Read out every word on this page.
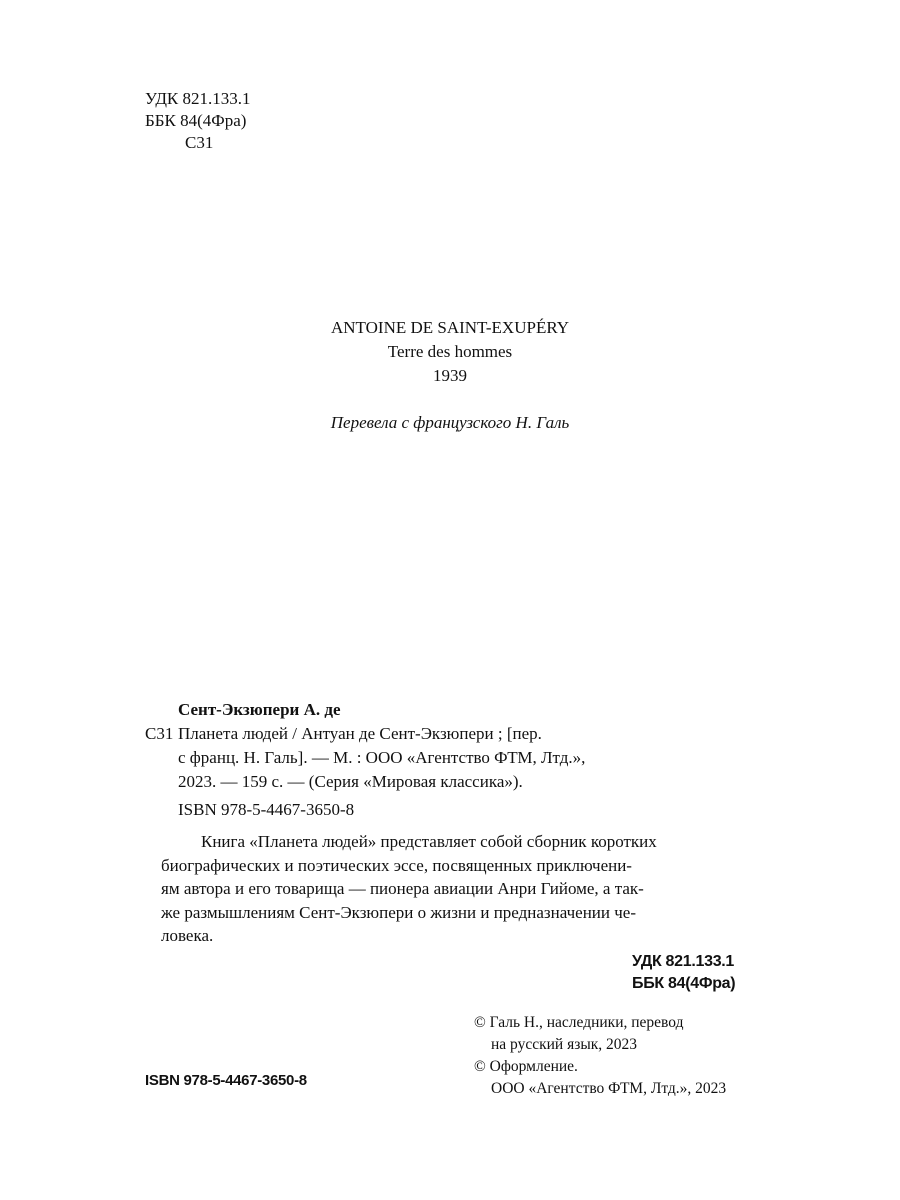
УДК 821.133.1
ББК 84(4Фра)
С31
ANTOINE DE SAINT-EXUPÉRY
Terre des hommes
1939
Перевела с французского Н. Галь
Сент-Экзюпери А. де
С31 Планета людей / Антуан де Сент-Экзюпери ; [пер.
с франц. Н. Галь]. — М. : ООО «Агентство ФТМ, Лтд.»,
2023. — 159 с. — (Серия «Мировая классика»).
ISBN 978-5-4467-3650-8

Книга «Планета людей» представляет собой сборник коротких

биографических и поэтических эссе, посвященных приключени-

ям автора и его товарища — пионера авиации Анри Гийоме, а так-

же размышлениям Сент-Экзюпери о жизни и предназначении че-

ловека.

УДК 821.133.1
ББК 84(4Фра)
© Галь Н., наследники, перевод
на русский язык, 2023
© Оформление.
ООО «Агентство ФТМ, Лтд.», 2023
ISBN 978-5-4467-3650-8
